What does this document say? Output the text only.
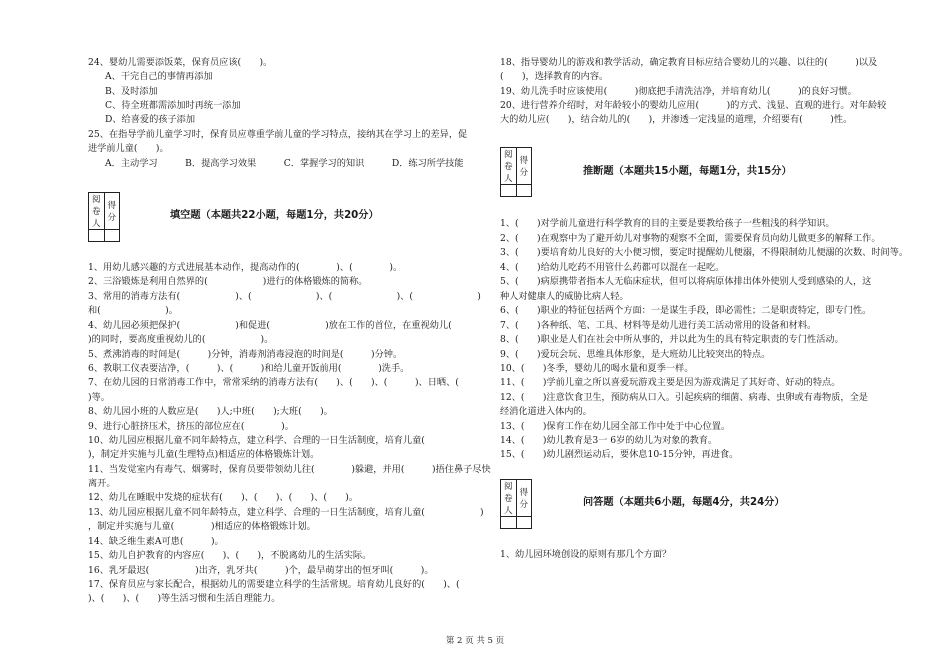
24、婴幼儿需要添饭菜，保育员应该(　　)。
A、干完自己的事情再添加
B、及时添加
C、待全班都需添加时再统一添加
D、给喜爱的孩子添加
25、在指导学前儿童学习时，保育员应尊重学前儿童的学习特点，接纳其在学习上的差异，促
进学前儿童(　　)。
A．主动学习　　　B．提高学习效果　　　C．掌握学习的知识　　　D．练习所学技能
阅卷人	得分
		填空题（本题共22小题，每题1分，共20分）
1、用幼儿感兴趣的方式进展基本动作，提高动作的(　　　　)、(　　　　)。
2、三浴锻炼是利用自然界的(　　　　　　)进行的体格锻炼的简称。
3、常用的消毒方法有(　　　　　　)、(　　　　　　　)、(　　　　　　　)、(　　　　　　　)
和(　　　　　　　)。
4、幼儿园必须把保护(　　　　　　)和促进(　　　　　　)放在工作的首位，在重视幼儿(　　
)的同时，要高度重视幼儿的(　　　　　　)。
5、煮沸消毒的时间是(　　　)分钟，消毒剂消毒浸泡的时间是(　　　)分钟。
6、教职工仪表要洁净，(　　　)、(　　　)和给儿童开饭前用(　　　　)洗手。
7、在幼儿园的日常消毒工作中，常常采纳的消毒方法有(　　)、(　　)、(　　　)、日晒、(　　
)等。
8、幼儿园小班的人数应是(　　)人;中班(　　);大班(　　)。
9、进行心脏挤压术，挤压的部位应在(　　　　)。
10、幼儿园应根据儿童不同年龄特点，建立科学、合理的一日生活制度，培育儿童(　　　　　　
)，制定并实施与儿童(生理特点)相适应的体格锻炼计划。
11、当发觉室内有毒气、烟雾时，保育员要带领幼儿往(　　　　)躲避，并用(　　　)捂住鼻子尽快
离开。
12、幼儿在睡眠中发烧的症状有(　　)、(　　)、(　　)、(　　)。
13、幼儿园应根据儿童不同年龄特点，建立科学、合理的一日生活制度，培育儿童(　　　　　　)
，制定并实施与儿童(　　　　)相适应的体格锻炼计划。
14、缺乏维生素A可患(　　　)。
15、幼儿自护教育的内容应(　　)、(　　)，不脱离幼儿的生活实际。
16、乳牙最迟(　　　　　)出齐，乳牙共(　　　)个，最早萌芽出的恒牙叫(　　　)。
17、保育员应与家长配合，根据幼儿的需要建立科学的生活常规。培育幼儿良好的(　　)、(　　
)、(　　)、(　　)等生活习惯和生活自理能力。
18、指导婴幼儿的游戏和教学活动，确定教育目标应结合婴幼儿的兴趣、以往的(　　　)以及
(　　)，选择教育的内容。
19、幼儿洗手时应该使用(　　　)彻底把手清洗洁净，并培育幼儿(　　　)的良好习惯。
20、进行营养介绍时，对年龄较小的婴幼儿应用(　　　)的方式、浅显、直观的进行。对年龄较
大的幼儿应(　　)，结合幼儿的(　　)，并渗透一定浅显的道理，介绍要有(　　　)性。
阅卷人	得分
		推断题（本题共15小题，每题1分，共15分）
1、(　　)对学前儿童进行科学教育的目的主要是要教给孩子一些粗浅的科学知识。
2、(　　)在观察中为了避开幼儿对事物的观察不全面，需要保育员向幼儿做更多的解释工作。
3、(　　)要培育幼儿良好的大小便习惯，要定时提醒幼儿便溺，不得限制幼儿便溺的次数、时间等。
4、(　　)给幼儿吃药不用管什么药都可以混在一起吃。
5、(　　)病原携带者指本人无临床症状，但可以将病原体排出体外使别人受到感染的人，这
种人对健康人的威胁比病人轻。
6、(　　)职业的特征包括两个方面：一是谋生手段，即必需性；二是职责特定，即专门性。
7、(　　)各种纸、笔、工具、材料等是幼儿进行美工活动常用的设备和材料。
8、(　　)职业是人们在社会中所从事的，并以此为生的具有特定职责的专门性活动。
9、(　　)爱玩会玩、思维具体形象，是大班幼儿比较突出的特点。
10、(　　)冬季，婴幼儿的喝水量和夏季一样。
11、(　　)学前儿童之所以喜爱玩游戏主要是因为游戏满足了其好奇、好动的特点。
12、(　　)注意饮食卫生，预防病从口入。引起疾病的细菌、病毒、虫卵或有毒物质，全是
经消化道进入体内的。
13、(　　)保育工作在幼儿园全部工作中处于中心位置。
14、(　　)幼儿教育是3一 6岁的幼儿为对象的教育。
15、(　　)幼儿剧烈运动后，要休息10-15分钟，再进食。
阅卷人	得分
		问答题（本题共6小题，每题4分，共24分）
1、幼儿园环境创设的原则有那几个方面？
第 2 页 共 5 页
